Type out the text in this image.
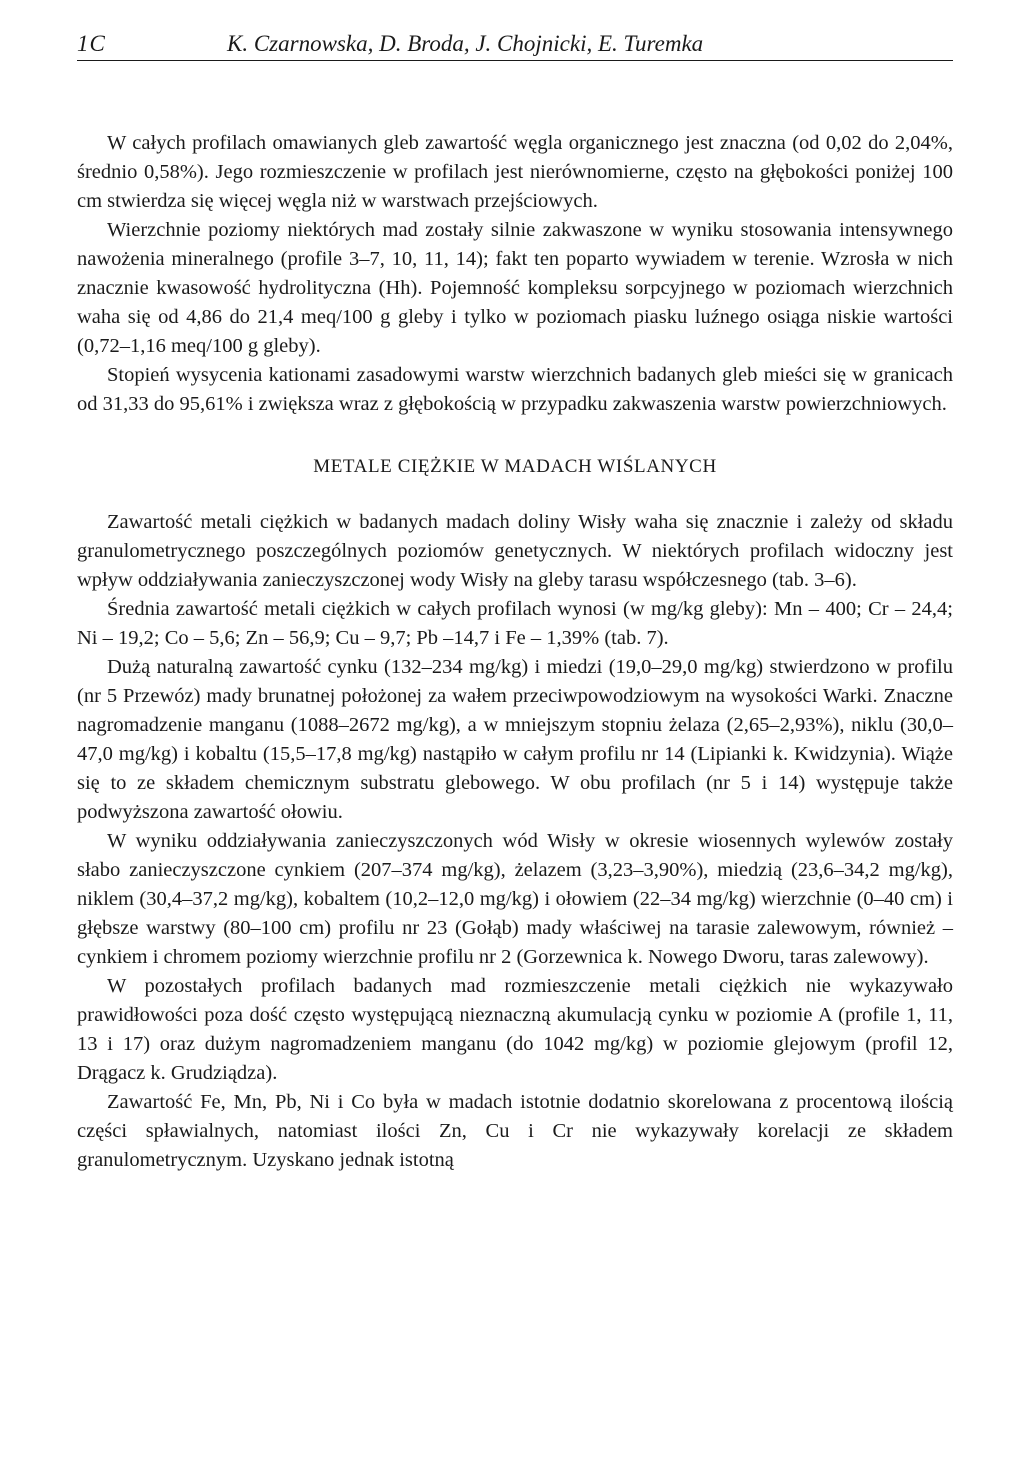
1C	K. Czarnowska, D. Broda, J. Chojnicki, E. Turemka

W całych profilach omawianych gleb zawartość węgla organicznego jest znaczna (od 0,02 do 2,04%, średnio 0,58%). Jego rozmieszczenie w profilach jest nierównomierne, często na głębokości poniżej 100 cm stwierdza się więcej węgla niż w warstwach przejściowych.

Wierzchnie poziomy niektórych mad zostały silnie zakwaszone w wyniku stosowania intensywnego nawożenia mineralnego (profile 3–7, 10, 11, 14); fakt ten poparto wywiadem w terenie. Wzrosła w nich znacznie kwasowość hydrolityczna (Hh). Pojemność kompleksu sorpcyjnego w poziomach wierzchnich waha się od 4,86 do 21,4 meq/100 g gleby i tylko w poziomach piasku luźnego osiąga niskie wartości (0,72–1,16 meq/100 g gleby).

Stopień wysycenia kationami zasadowymi warstw wierzchnich badanych gleb mieści się w granicach od 31,33 do 95,61% i zwiększa wraz z głębokością w przypadku zakwaszenia warstw powierzchniowych.

METALE CIĘŻKIE W MADACH WIŚLANYCH

Zawartość metali ciężkich w badanych madach doliny Wisły waha się znacznie i zależy od składu granulometrycznego poszczególnych poziomów genetycznych. W niektórych profilach widoczny jest wpływ oddziaływania zanieczyszczonej wody Wisły na gleby tarasu współczesnego (tab. 3–6).

Średnia zawartość metali ciężkich w całych profilach wynosi (w mg/kg gleby): Mn – 400; Cr – 24,4; Ni – 19,2; Co – 5,6; Zn – 56,9; Cu – 9,7; Pb –14,7 i Fe – 1,39% (tab. 7).

Dużą naturalną zawartość cynku (132–234 mg/kg) i miedzi (19,0–29,0 mg/kg) stwierdzono w profilu (nr 5 Przewóz) mady brunatnej położonej za wałem przeciwpowodziowym na wysokości Warki. Znaczne nagromadzenie manganu (1088–2672 mg/kg), a w mniejszym stopniu żelaza (2,65–2,93%), niklu (30,0–47,0 mg/kg) i kobaltu (15,5–17,8 mg/kg) nastąpiło w całym profilu nr 14 (Lipianki k. Kwidzynia). Wiąże się to ze składem chemicznym substratu glebowego. W obu profilach (nr 5 i 14) występuje także podwyższona zawartość ołowiu.

W wyniku oddziaływania zanieczyszczonych wód Wisły w okresie wiosennych wylewów zostały słabo zanieczyszczone cynkiem (207–374 mg/kg), żelazem (3,23–3,90%), miedzią (23,6–34,2 mg/kg), niklem (30,4–37,2 mg/kg), kobaltem (10,2–12,0 mg/kg) i ołowiem (22–34 mg/kg) wierzchnie (0–40 cm) i głębsze warstwy (80–100 cm) profilu nr 23 (Gołąb) mady właściwej na tarasie zalewowym, również – cynkiem i chromem poziomy wierzchnie profilu nr 2 (Gorzewnica k. Nowego Dworu, taras zalewowy).

W pozostałych profilach badanych mad rozmieszczenie metali ciężkich nie wykazywało prawidłowości poza dość często występującą nieznaczną akumulacją cynku w poziomie A (profile 1, 11, 13 i 17) oraz dużym nagromadzeniem manganu (do 1042 mg/kg) w poziomie glejowym (profil 12, Drągacz k. Grudziądza).

Zawartość Fe, Mn, Pb, Ni i Co była w madach istotnie dodatnio skorelowana z procentową ilością części spławialnych, natomiast ilości Zn, Cu i Cr nie wykazywały korelacji ze składem granulometrycznym. Uzyskano jednak istotną
